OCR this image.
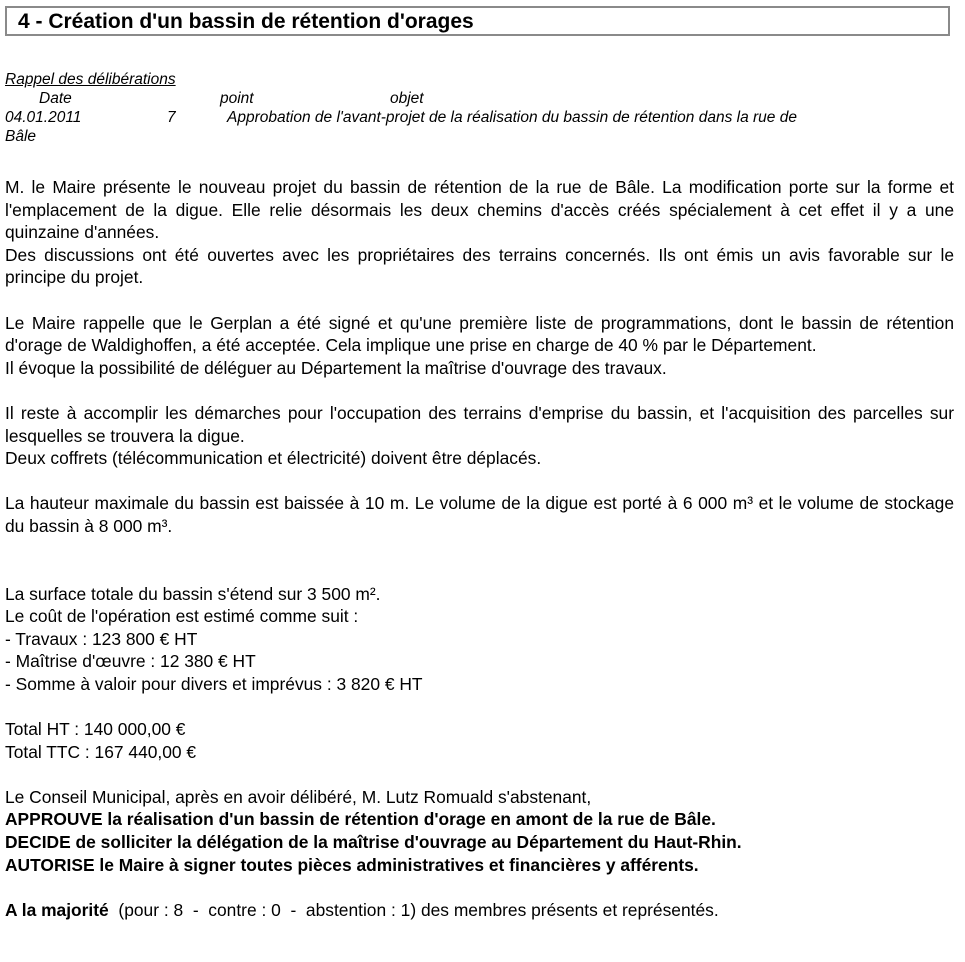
4 - Création d'un bassin de rétention d'orages
Rappel des délibérations
Date	point	objet
04.01.2011	7	Approbation de l'avant-projet de la réalisation du bassin de rétention dans la rue de
Bâle

M. le Maire présente le nouveau projet du bassin de rétention de la rue de Bâle. La modification porte sur la forme et l'emplacement de la digue. Elle relie désormais les deux chemins d'accès créés spécialement à cet effet il y a une quinzaine d'années.

Des discussions ont été ouvertes avec les propriétaires des terrains concernés. Ils ont émis un avis favorable sur le principe du projet.

Le Maire rappelle que le Gerplan a été signé et qu'une première liste de programmations, dont le bassin de rétention d'orage de Waldighoffen, a été acceptée. Cela implique une prise en charge de 40 % par le Département.

Il évoque la possibilité de déléguer au Département la maîtrise d'ouvrage des travaux.

Il reste à accomplir les démarches pour l'occupation des terrains d'emprise du bassin, et l'acquisition des parcelles sur lesquelles se trouvera la digue.

Deux coffrets (télécommunication et électricité) doivent être déplacés.

La hauteur maximale du bassin est baissée à 10 m. Le volume de la digue est porté à 6 000 m³ et le volume de stockage du bassin à 8 000 m³.

La surface totale du bassin s'étend sur 3 500 m².

Le coût de l'opération est estimé comme suit :

- Travaux : 123 800 € HT

- Maîtrise d'œuvre : 12 380 € HT

- Somme à valoir pour divers et imprévus : 3 820 € HT

Total HT : 140 000,00 €

Total TTC : 167 440,00 €

Le Conseil Municipal, après en avoir délibéré, M. Lutz Romuald s'abstenant,

APPROUVE la réalisation d'un bassin de rétention d'orage en amont de la rue de Bâle.

DECIDE de solliciter la délégation de la maîtrise d'ouvrage au Département du Haut-Rhin.

AUTORISE le Maire à signer toutes pièces administratives et financières y afférents.

A la majorité  (pour : 8  -  contre : 0  -  abstention : 1) des membres présents et représentés.
